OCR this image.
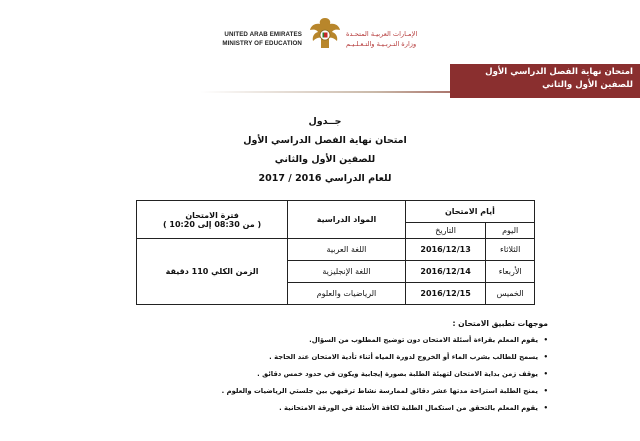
UNITED ARAB EMIRATES
MINISTRY OF EDUCATION
الإمـارات العربيـة المتحـدة
وزارة التـربـيـة والتـعـلـيـم
امتحان نهاية الفصل الدراسي الأول
للصفين الأول والثاني
جــدول
امتحان نهاية الفصل الدراسي الأول
للصفين الأول والثاني
للعام الدراسي 2016 / 2017
أيام الامتحان		المواد الدراسية	فترة الامتحان
( من 08:30 إلى 10:20 )

اليوم	التاريخ		
الثلاثاء	2016/12/13	اللغة العربية	الزمن الكلي 110 دقيقة
الأربعاء	2016/12/14	اللغة الإنجليزية	
الخميس	2016/12/15	الرياضيات والعلوم	
موجهات تطبيق الامتحان :
•
يقوم المعلم بقراءة أسئلة الامتحان دون توضيح المطلوب من السؤال.
•
يسمح للطالب بشرب الماء أو الخروج لدورة المياه أثناء تأدية الامتحان عند الحاجة .
•
يوقف زمن بداية الامتحان لتهيئة الطلبة بصورة إيجابية ويكون في حدود خمس دقائق .
•
يمنح الطلبة استراحة مدتها عشر دقائق لممارسة نشاط ترفيهي بين جلستي الرياضيات والعلوم .
•
يقوم المعلم بالتحقق من استكمال الطلبة لكافة الأسئلة في الورقة الامتحانية .
